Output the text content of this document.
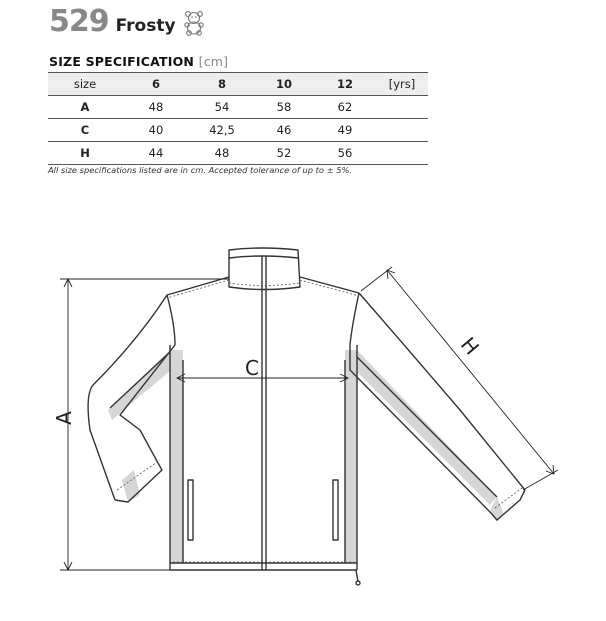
529 Frosty
SIZE SPECIFICATION [cm]
size	6	8	10	12	[yrs]
A	48	54	58	62	
C	40	42,5	46	49	
H	44	48	52	56	
All size specifications listed are in cm. Accepted tolerance of up to ± 5%.
A
C
H
